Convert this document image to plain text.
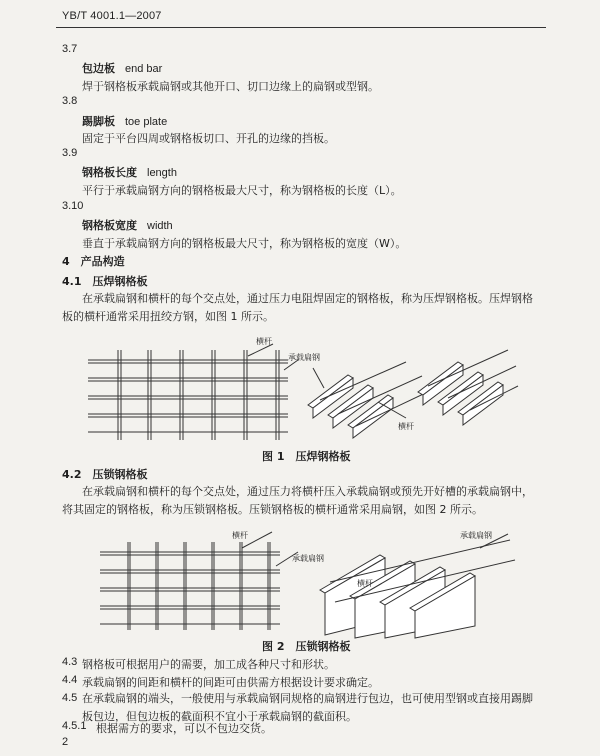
YB/T 4001.1—2007
3.7
包边板 end bar
焊于钢格板承载扁钢或其他开口、切口边缘上的扁钢或型钢。
3.8
踢脚板 toe plate
固定于平台四周或钢格板切口、开孔的边缘的挡板。
3.9
钢格板长度 length
平行于承载扁钢方向的钢格板最大尺寸，称为钢格板的长度（L）。
3.10
钢格板宽度 width
垂直于承载扁钢方向的钢格板最大尺寸，称为钢格板的宽度（W）。
4　产品构造
4.1　压焊钢格板
在承载扁钢和横杆的每个交点处，通过压力电阻焊固定的钢格板，称为压焊钢格板。压焊钢格板的横杆通常采用扭绞方钢，如图 1 所示。
横杆
承载扁钢
横杆
图 1　压焊钢格板
4.2　压锁钢格板
在承载扁钢和横杆的每个交点处，通过压力将横杆压入承载扁钢或预先开好槽的承载扁钢中，将其固定的钢格板，称为压锁钢格板。压锁钢格板的横杆通常采用扁钢，如图 2 所示。
横杆
承载扁钢
承载扁钢
横杆
图 2　压锁钢格板
4.3 钢格板可根据用户的需要，加工成各种尺寸和形状。
4.4 承载扁钢的间距和横杆的间距可由供需方根据设计要求确定。
4.5 在承载扁钢的端头，一般使用与承载扁钢同规格的扁钢进行包边，也可使用型钢或直接用踢脚板包边，但包边板的截面积不宜小于承载扁钢的截面积。
4.5.1 根据需方的要求，可以不包边交货。
2
